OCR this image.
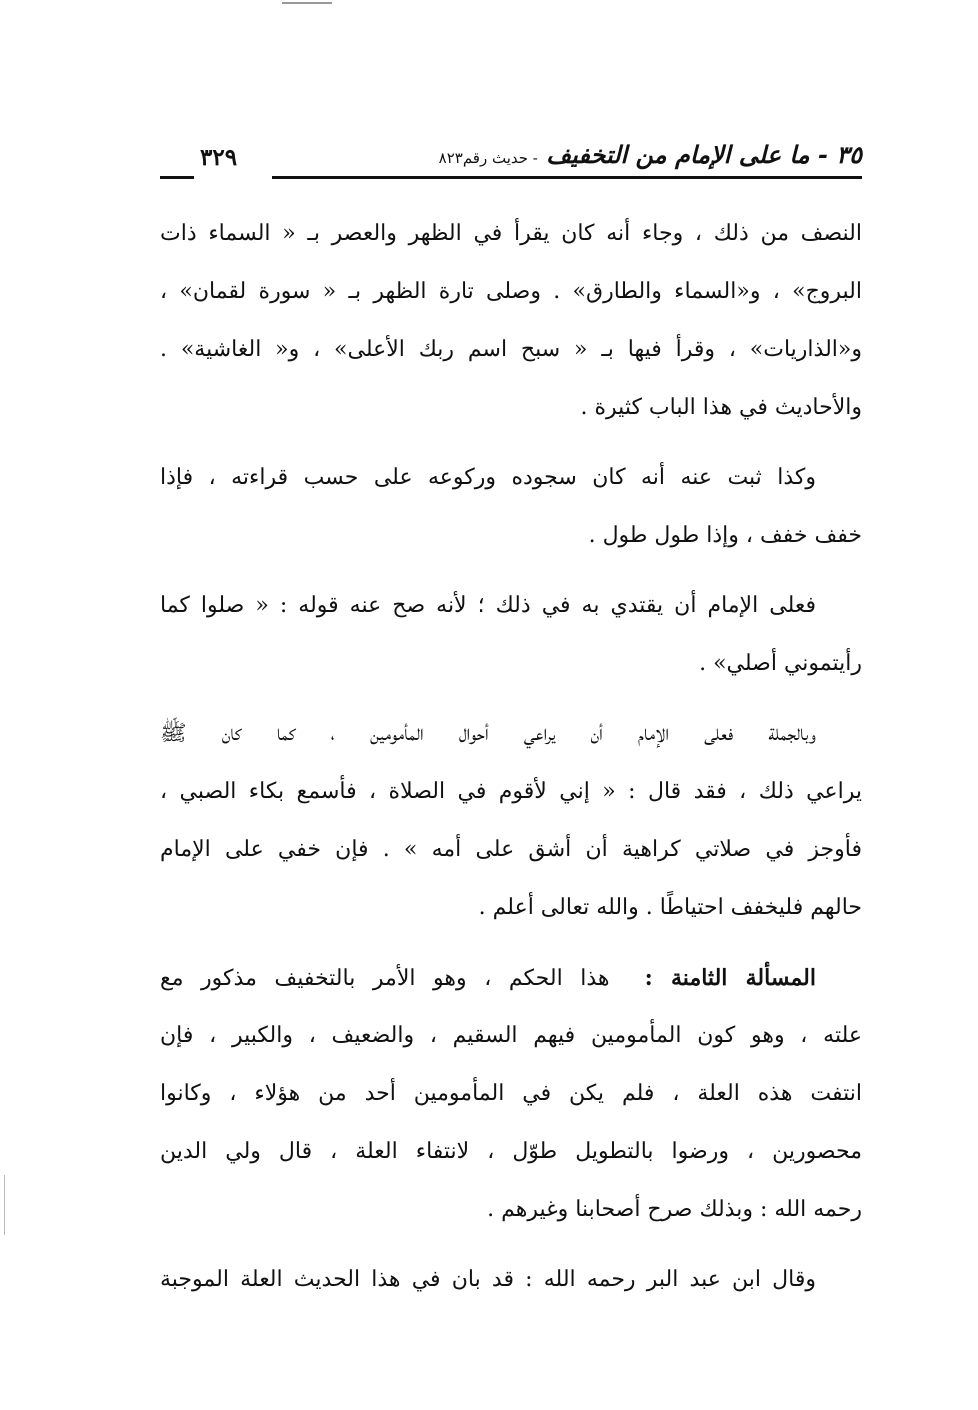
٣٥ - ما على الإمام من التخفيف - حديث رقم٨٢٣
٣٢٩
النصف من ذلك ، وجاء أنه كان يقرأ في الظهر والعصر بـ « السماء ذات
البروج» ، و«السماء والطارق» . وصلى تارة الظهر بـ « سورة لقمان» ،
و«الذاريات» ، وقرأ فيها بـ « سبح اسم ربك الأعلى» ، و« الغاشية» .
والأحاديث في هذا الباب كثيرة .
وكذا ثبت عنه أنه كان سجوده وركوعه على حسب قراءته ، فإذا
خفف خفف ، وإذا طول طول .
فعلى الإمام أن يقتدي به في ذلك ؛ لأنه صح عنه قوله : « صلوا كما
رأيتموني أصلي» .
وبالجملة فعلى الإمام أن يراعي أحوال المأمومين ، كما كان ﷺ
يراعي ذلك ، فقد قال : « إني لأقوم في الصلاة ، فأسمع بكاء الصبي ،
فأوجز في صلاتي كراهية أن أشق على أمه » . فإن خفي على الإمام
حالهم فليخفف احتياطًا . والله تعالى أعلم .
المسألة الثامنة :  هذا الحكم ، وهو الأمر بالتخفيف مذكور مع
علته ، وهو كون المأمومين فيهم السقيم ، والضعيف ، والكبير ، فإن
انتفت هذه العلة ، فلم يكن في المأمومين أحد من هؤلاء ، وكانوا
محصورين ، ورضوا بالتطويل طوّل ، لانتفاء العلة ، قال ولي الدين
رحمه الله : وبذلك صرح أصحابنا وغيرهم .
وقال ابن عبد البر رحمه الله : قد بان في هذا الحديث العلة الموجبة
